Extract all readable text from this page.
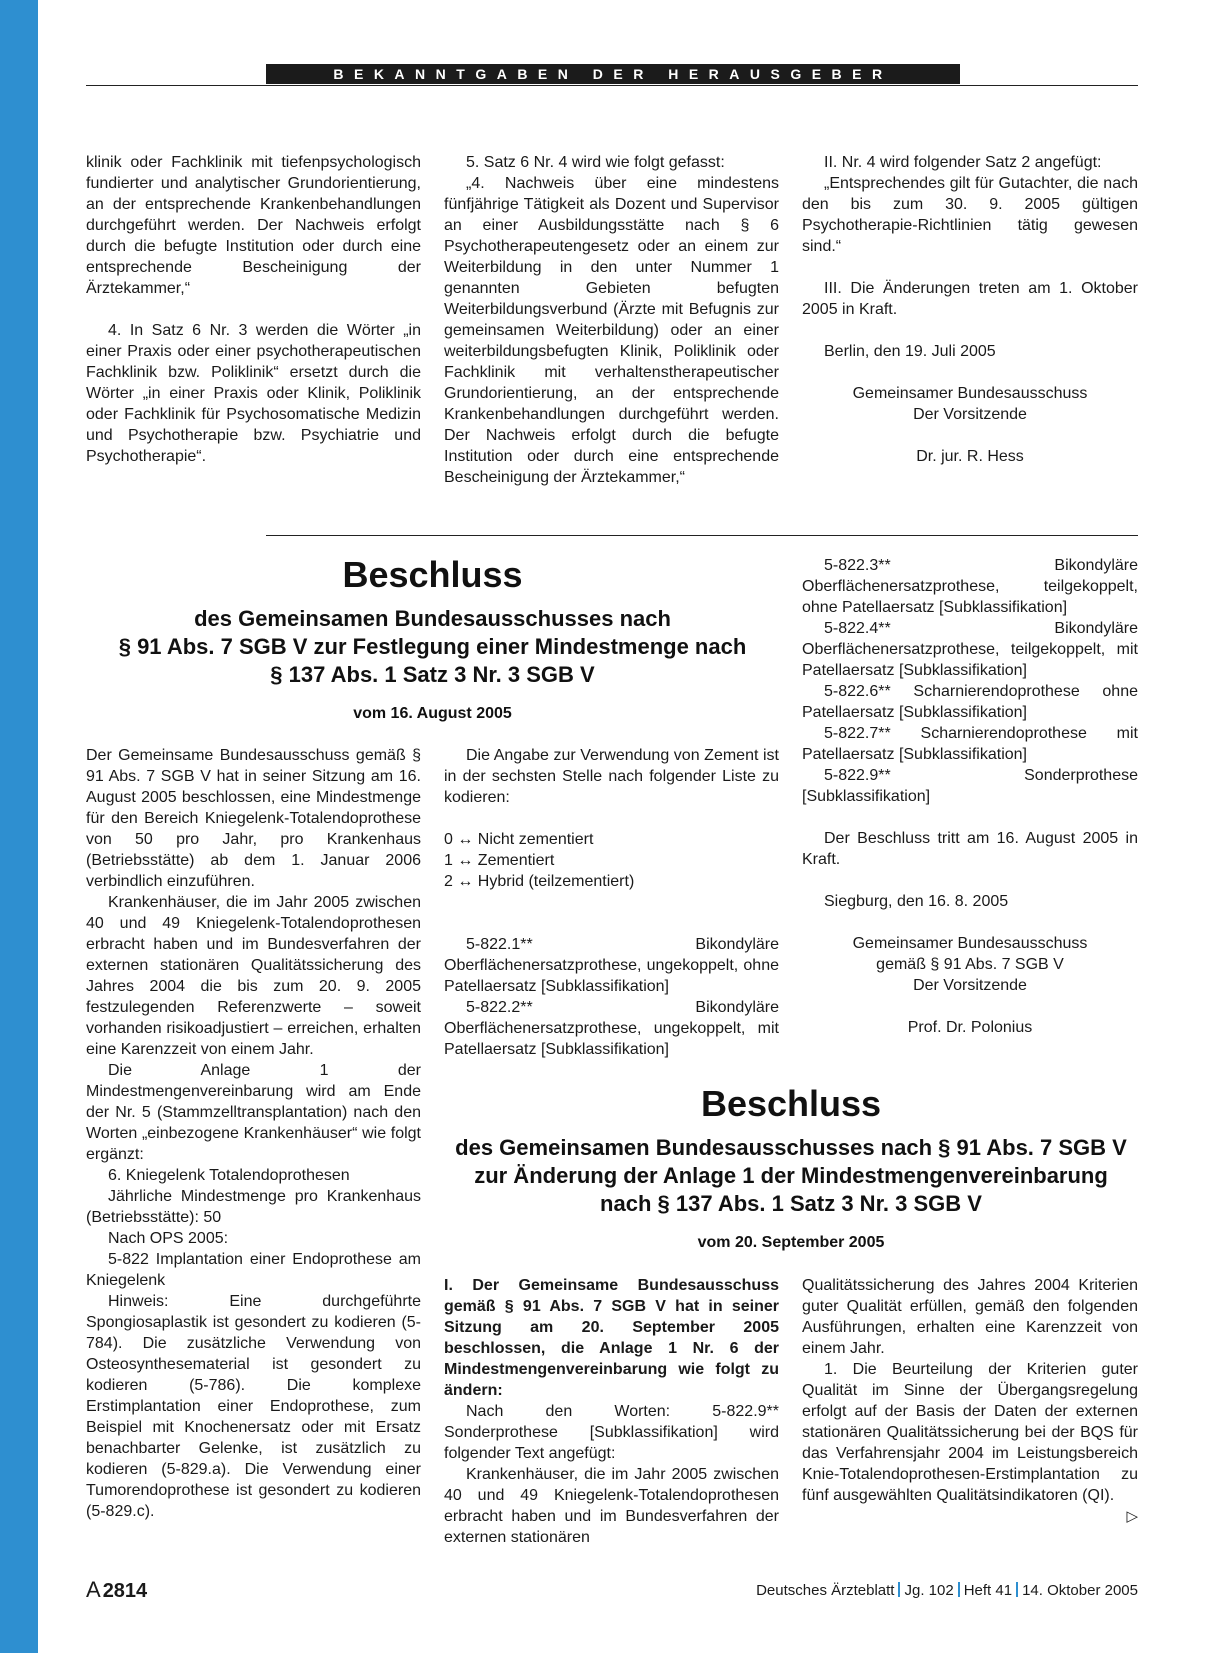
BEKANNTGABEN DER HERAUSGEBER

klinik oder Fachklinik mit tiefenpsychologisch fundierter und analytischer Grundorientierung, an der entsprechende Krankenbehandlungen durchgeführt werden. Der Nachweis erfolgt durch die befugte Institution oder durch eine entsprechende Bescheinigung der Ärztekammer,“

4. In Satz 6 Nr. 3 werden die Wörter „in einer Praxis oder einer psychotherapeutischen Fachklinik bzw. Poliklinik“ ersetzt durch die Wörter „in einer Praxis oder Klinik, Poliklinik oder Fachklinik für Psychosomatische Medizin und Psychotherapie bzw. Psychiatrie und Psychotherapie“.

5. Satz 6 Nr. 4 wird wie folgt gefasst:

„4. Nachweis über eine mindestens fünfjährige Tätigkeit als Dozent und Supervisor an einer Ausbildungsstätte nach § 6 Psychotherapeutengesetz oder an einem zur Weiterbildung in den unter Nummer 1 genannten Gebieten befugten Weiterbildungsverbund (Ärzte mit Befugnis zur gemeinsamen Weiterbildung) oder an einer weiterbildungsbefugten Klinik, Poliklinik oder Fachklinik mit verhaltenstherapeutischer Grundorientierung, an der entsprechende Krankenbehandlungen durchgeführt werden. Der Nachweis erfolgt durch die befugte Institution oder durch eine entsprechende Bescheinigung der Ärztekammer,“

II. Nr. 4 wird folgender Satz 2 angefügt:

„Entsprechendes gilt für Gutachter, die nach den bis zum 30. 9. 2005 gültigen Psychotherapie-Richtlinien tätig gewesen sind.“

III. Die Änderungen treten am 1. Oktober 2005 in Kraft.

Berlin, den 19. Juli 2005

Gemeinsamer Bundesausschuss

Der Vorsitzende

Dr. jur. R. Hess

Beschluss
des Gemeinsamen Bundesausschusses nach
§ 91 Abs. 7 SGB V zur Festlegung einer Mindestmenge nach
§ 137 Abs. 1 Satz 3 Nr. 3 SGB V
vom 16. August 2005

Der Gemeinsame Bundesausschuss gemäß § 91 Abs. 7 SGB V hat in seiner Sitzung am 16. August 2005 beschlossen, eine Mindestmenge für den Bereich Kniegelenk-Totalendoprothese von 50 pro Jahr, pro Krankenhaus (Betriebsstätte) ab dem 1. Januar 2006 verbindlich einzuführen.

Krankenhäuser, die im Jahr 2005 zwischen 40 und 49 Kniegelenk-Totalendoprothesen erbracht haben und im Bundesverfahren der externen stationären Qualitätssicherung des Jahres 2004 die bis zum 20. 9. 2005 festzulegenden Referenzwerte – soweit vorhanden risikoadjustiert – erreichen, erhalten eine Karenzzeit von einem Jahr.

Die Anlage 1 der Mindestmengenvereinbarung wird am Ende der Nr. 5 (Stammzelltransplantation) nach den Worten „einbezogene Krankenhäuser“ wie folgt ergänzt:

6. Kniegelenk Totalendoprothesen

Jährliche Mindestmenge pro Krankenhaus (Betriebsstätte): 50

Nach OPS 2005:

5-822 Implantation einer Endoprothese am Kniegelenk

Hinweis: Eine durchgeführte Spongiosaplastik ist gesondert zu kodieren (5-784). Die zusätzliche Verwendung von Osteosynthesematerial ist gesondert zu kodieren (5-786). Die komplexe Erstimplantation einer Endoprothese, zum Beispiel mit Knochenersatz oder mit Ersatz benachbarter Gelenke, ist zusätzlich zu kodieren (5-829.a). Die Verwendung einer Tumorendoprothese ist gesondert zu kodieren (5-829.c).

Die Angabe zur Verwendung von Zement ist in der sechsten Stelle nach folgender Liste zu kodieren:

0 ↔ Nicht zementiert

1 ↔ Zementiert

2 ↔ Hybrid (teilzementiert)

5-822.1** Bikondyläre Oberflächenersatzprothese, ungekoppelt, ohne Patellaersatz [Subklassifikation]

5-822.2** Bikondyläre Oberflächenersatzprothese, ungekoppelt, mit Patellaersatz [Subklassifikation]

5-822.3** Bikondyläre Oberflächenersatzprothese, teilgekoppelt, ohne Patellaersatz [Subklassifikation]

5-822.4** Bikondyläre Oberflächenersatzprothese, teilgekoppelt, mit Patellaersatz [Subklassifikation]

5-822.6** Scharnierendoprothese ohne Patellaersatz [Subklassifikation]

5-822.7** Scharnierendoprothese mit Patellaersatz [Subklassifikation]

5-822.9** Sonderprothese [Subklassifikation]

Der Beschluss tritt am 16. August 2005 in Kraft.

Siegburg, den 16. 8. 2005

Gemeinsamer Bundesausschuss

gemäß § 91 Abs. 7 SGB V

Der Vorsitzende

Prof. Dr. Polonius

Beschluss
des Gemeinsamen Bundesausschusses nach § 91 Abs. 7 SGB V
zur Änderung der Anlage 1 der Mindestmengenvereinbarung
nach § 137 Abs. 1 Satz 3 Nr. 3 SGB V
vom 20. September 2005

I. Der Gemeinsame Bundesausschuss gemäß § 91 Abs. 7 SGB V hat in seiner Sitzung am 20. September 2005 beschlossen, die Anlage 1 Nr. 6 der Mindestmengenvereinbarung wie folgt zu ändern:

Nach den Worten: 5-822.9** Sonderprothese [Subklassifikation] wird folgender Text angefügt:

Krankenhäuser, die im Jahr 2005 zwischen 40 und 49 Kniegelenk-Totalendoprothesen erbracht haben und im Bundesverfahren der externen stationären

Qualitätssicherung des Jahres 2004 Kriterien guter Qualität erfüllen, gemäß den folgenden Ausführungen, erhalten eine Karenzzeit von einem Jahr.

1. Die Beurteilung der Kriterien guter Qualität im Sinne der Übergangsregelung erfolgt auf der Basis der Daten der externen stationären Qualitätssicherung bei der BQS für das Verfahrensjahr 2004 im Leistungsbereich Knie-Totalendoprothesen-Erstimplantation zu fünf ausgewählten Qualitätsindikatoren (QI).
▷

A 2814	Deutsches Ärzteblatt Jg. 102 Heft 41 14. Oktober 2005
